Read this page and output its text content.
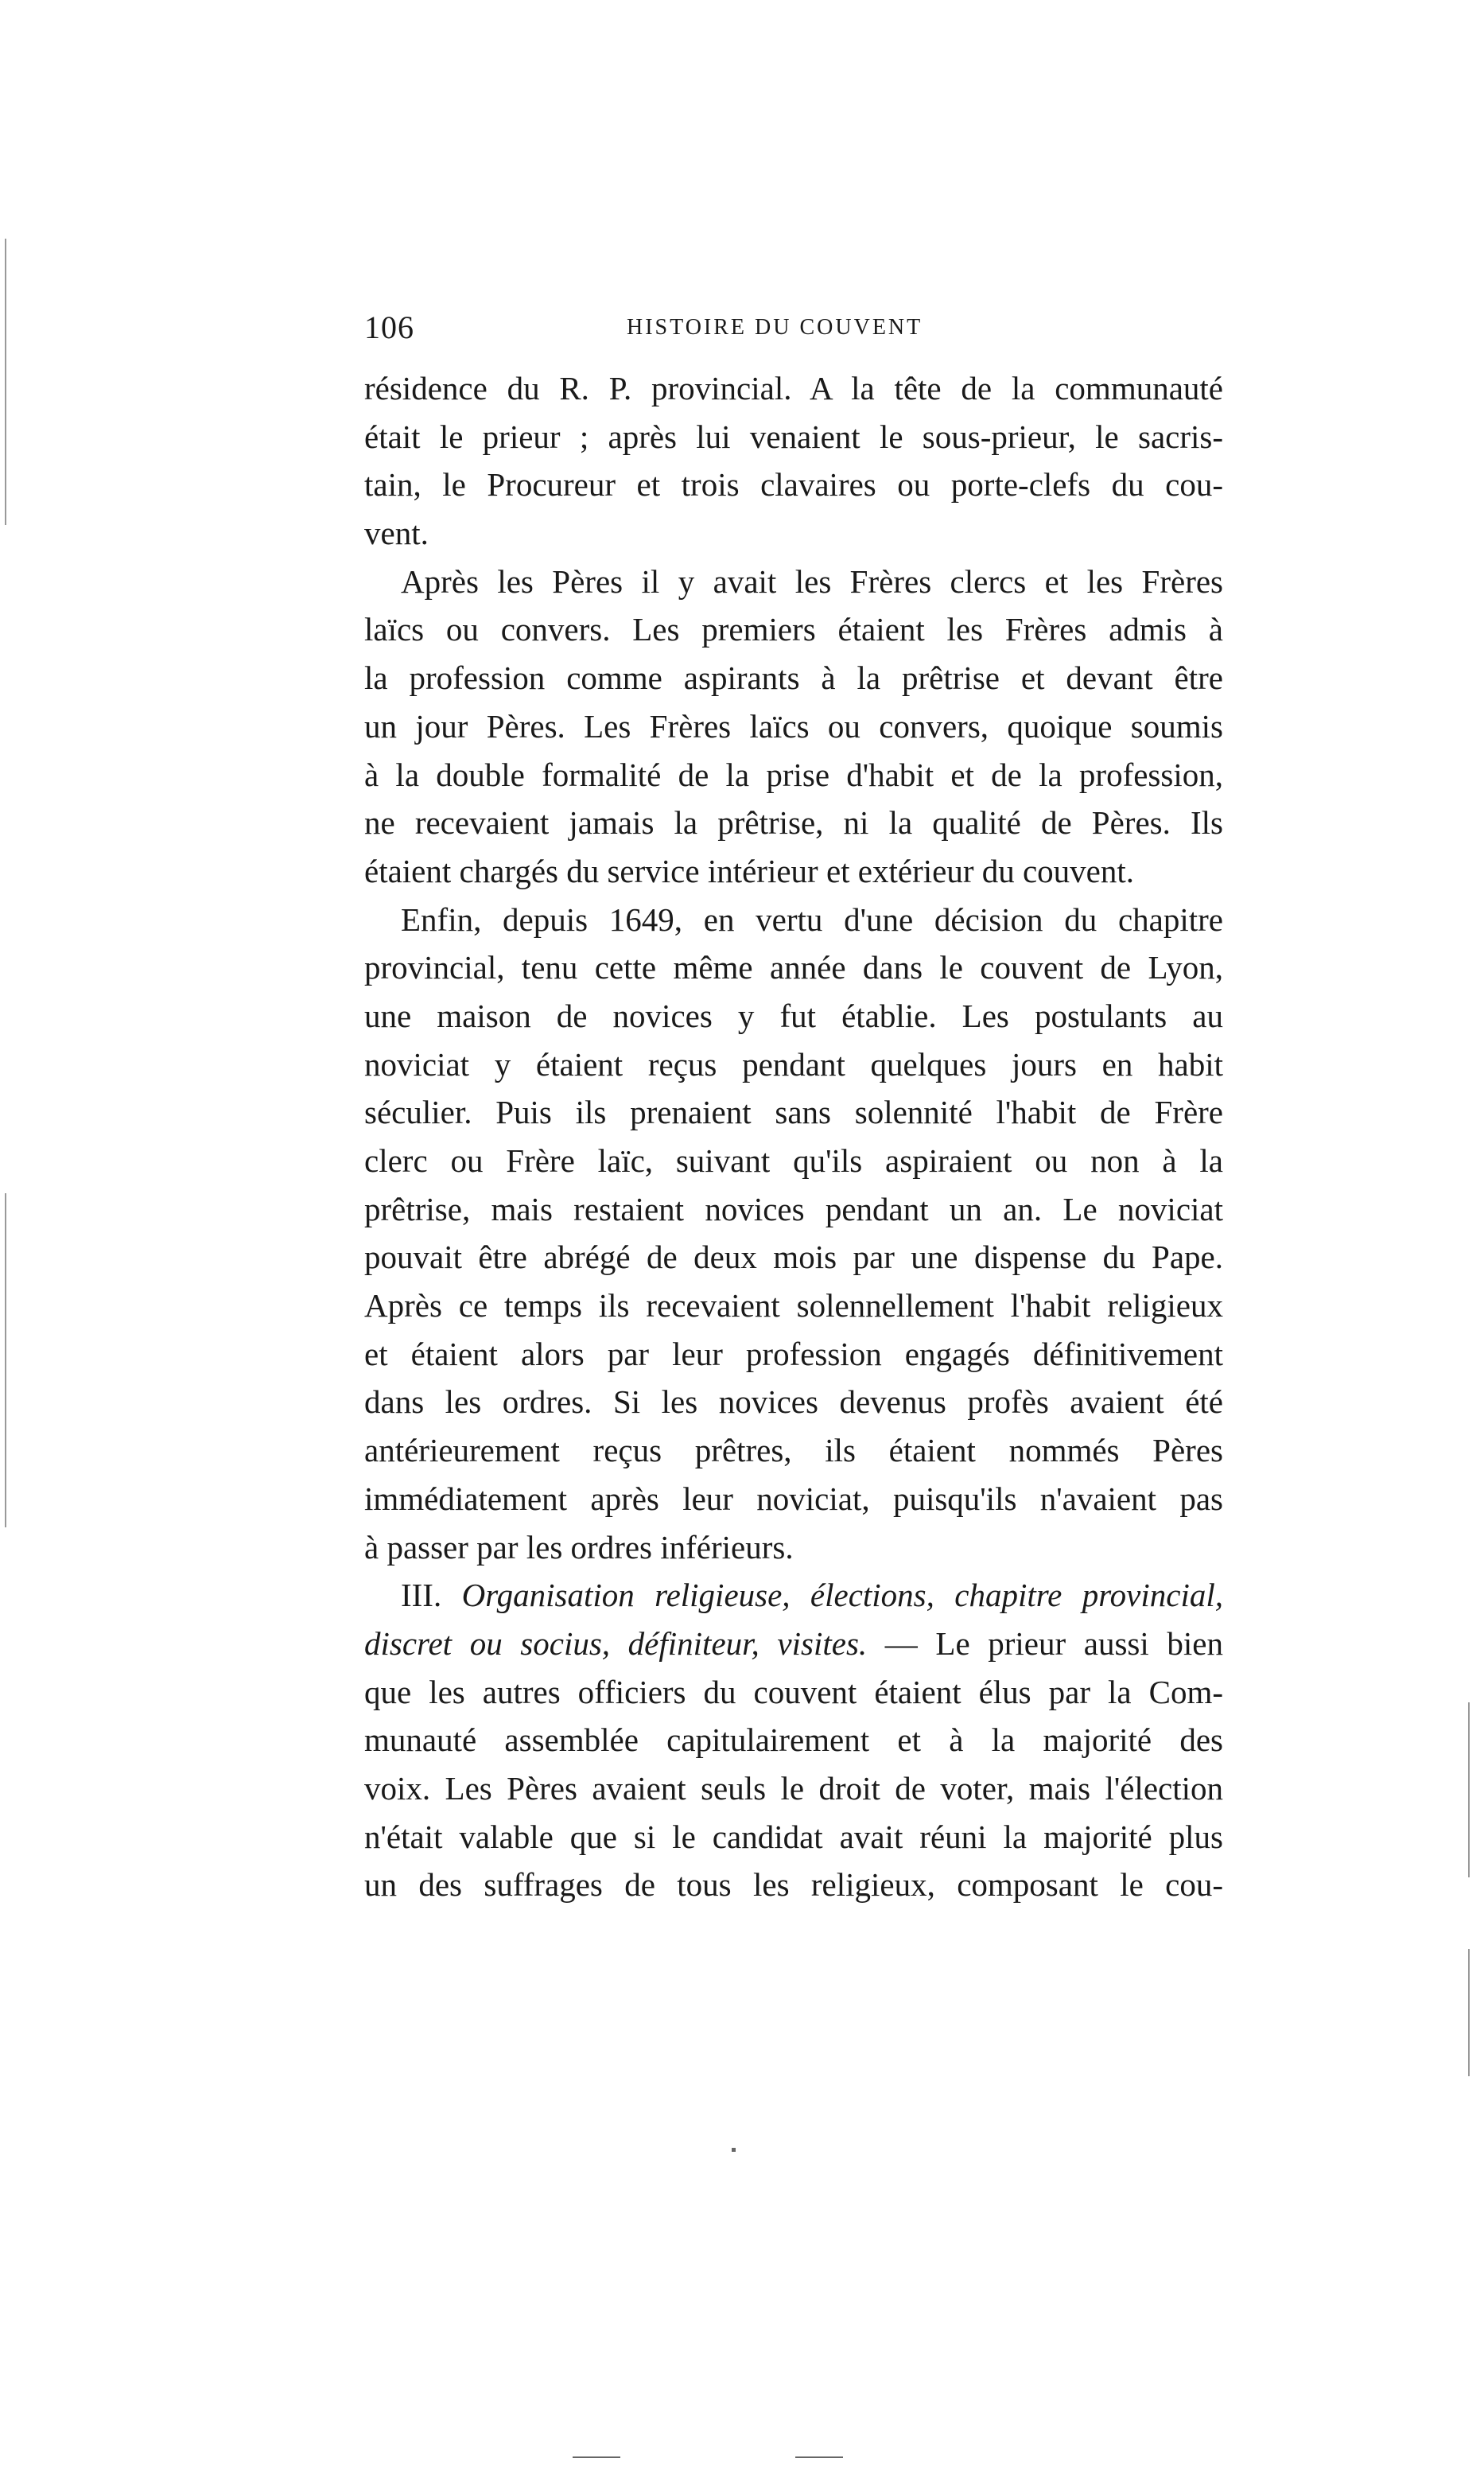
106	HISTOIRE DU COUVENT

résidence du R. P. provincial. A la tête de la communauté
était le prieur ; après lui venaient le sous-prieur, le sacris-
tain, le Procureur et trois clavaires ou porte-clefs du cou-
vent.

Après les Pères il y avait les Frères clercs et les Frères
laïcs ou convers. Les premiers étaient les Frères admis à
la profession comme aspirants à la prêtrise et devant être
un jour Pères. Les Frères laïcs ou convers, quoique soumis
à la double formalité de la prise d'habit et de la profession,
ne recevaient jamais la prêtrise, ni la qualité de Pères. Ils
étaient chargés du service intérieur et extérieur du couvent.

Enfin, depuis 1649, en vertu d'une décision du chapitre
provincial, tenu cette même année dans le couvent de Lyon,
une maison de novices y fut établie. Les postulants au
noviciat y étaient reçus pendant quelques jours en habit
séculier. Puis ils prenaient sans solennité l'habit de Frère
clerc ou Frère laïc, suivant qu'ils aspiraient ou non à la
prêtrise, mais restaient novices pendant un an. Le noviciat
pouvait être abrégé de deux mois par une dispense du Pape.
Après ce temps ils recevaient solennellement l'habit religieux
et étaient alors par leur profession engagés définitivement
dans les ordres. Si les novices devenus profès avaient été
antérieurement reçus prêtres, ils étaient nommés Pères
immédiatement après leur noviciat, puisqu'ils n'avaient pas
à passer par les ordres inférieurs.

III. Organisation religieuse, élections, chapitre provincial,
discret ou socius, définiteur, visites. — Le prieur aussi bien
que les autres officiers du couvent étaient élus par la Com-
munauté assemblée capitulairement et à la majorité des
voix. Les Pères avaient seuls le droit de voter, mais l'élection
n'était valable que si le candidat avait réuni la majorité plus
un des suffrages de tous les religieux, composant le cou-
